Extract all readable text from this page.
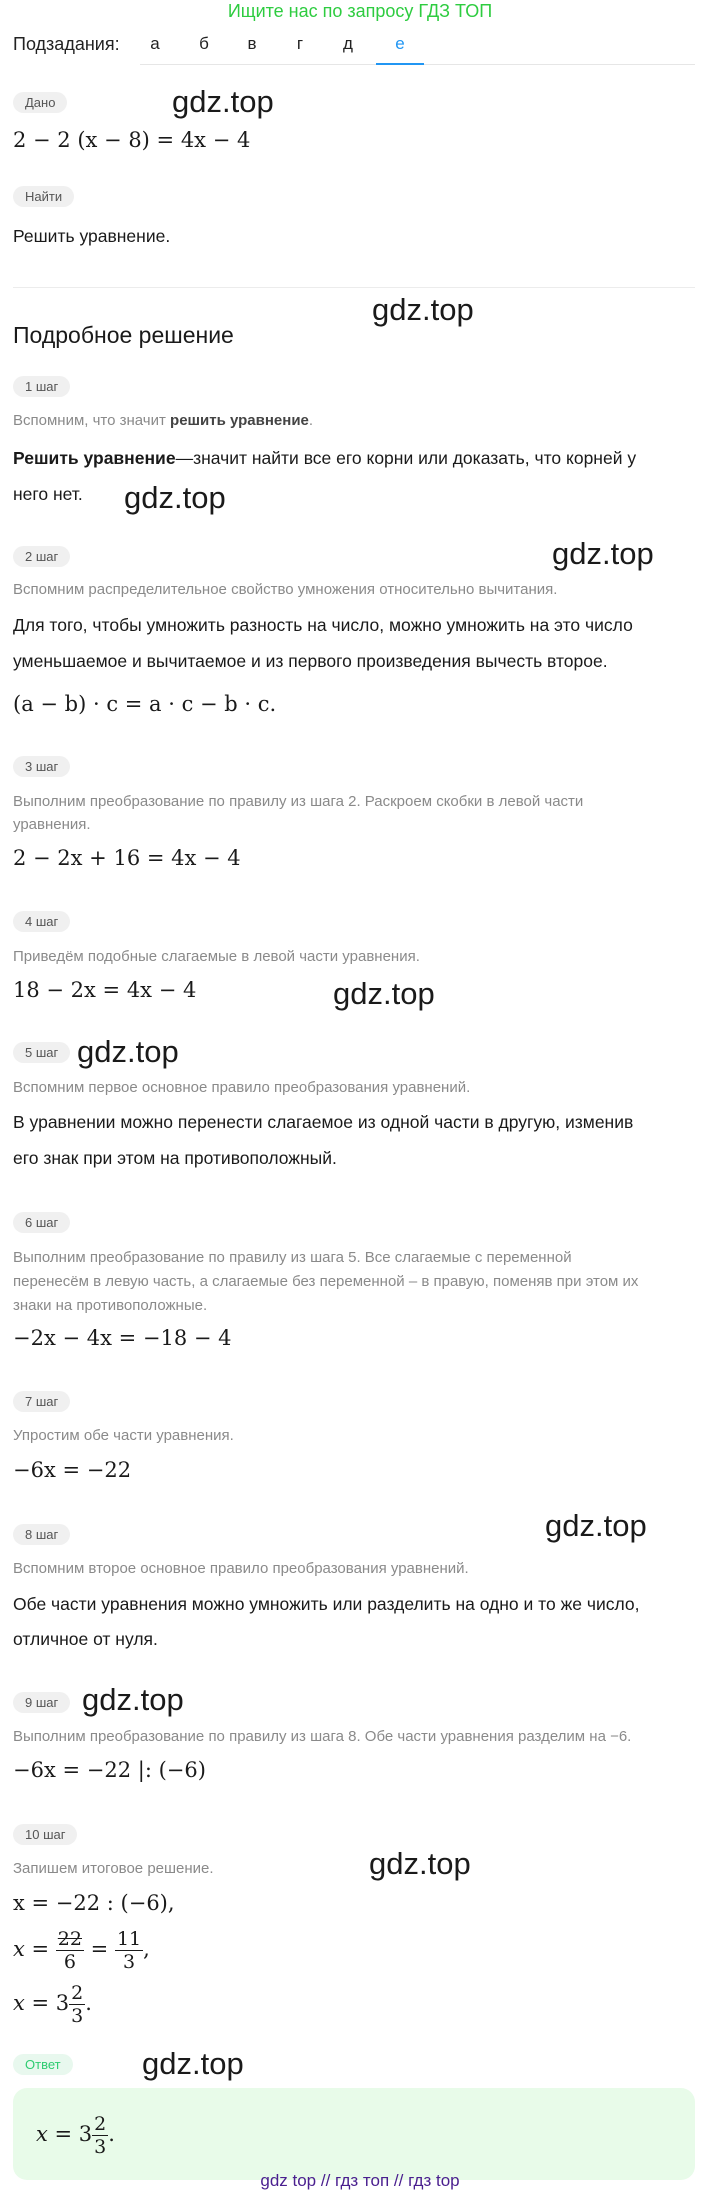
Ищите нас по запросу ГДЗ ТОП
Подзадания:	а	б	в	г	д	е
Дано
2 − 2 (x − 8) = 4x − 4
Найти
Решить уравнение.
Подробное решение
1 шаг
Вспомним, что значит решить уравнение.
Решить уравнение—значит найти все его корни или доказать, что корней у
него нет.
2 шаг
Вспомним распределительное свойство умножения относительно вычитания.
Для того, чтобы умножить разность на число, можно умножить на это число
уменьшаемое и вычитаемое и из первого произведения вычесть второе.
(a − b) · c = a · c − b · c.
3 шаг
Выполним преобразование по правилу из шага 2. Раскроем скобки в левой части
уравнения.
2 − 2x + 16 = 4x − 4
4 шаг
Приведём подобные слагаемые в левой части уравнения.
18 − 2x = 4x − 4
5 шаг
Вспомним первое основное правило преобразования уравнений.
В уравнении можно перенести слагаемое из одной части в другую, изменив
его знак при этом на противоположный.
6 шаг
Выполним преобразование по правилу из шага 5. Все слагаемые с переменной
перенесём в левую часть, а слагаемые без переменной – в правую, поменяв при этом их
знаки на противоположные.
−2x − 4x = −18 − 4
7 шаг
Упростим обе части уравнения.
−6x = −22
8 шаг
Вспомним второе основное правило преобразования уравнений.
Обе части уравнения можно умножить или разделить на одно и то же число,
отличное от нуля.
9 шаг
Выполним преобразование по правилу из шага 8. Обе части уравнения разделим на −6.
−6x = −22 |: (−6)
10 шаг
Запишем итоговое решение.
x = −22 : (−6),
$x = \frac{22}{6} = \frac{11}{3}$ ,
$x = 3 \frac{2}{3}$ .
Ответ
$x = 3 \frac{2}{3}$ .
gdz.top
gdz.top
gdz.top
gdz.top
gdz.top
gdz.top
gdz.top
gdz.top
gdz.top
gdz.top
gdz top // гдз топ // гдз top
